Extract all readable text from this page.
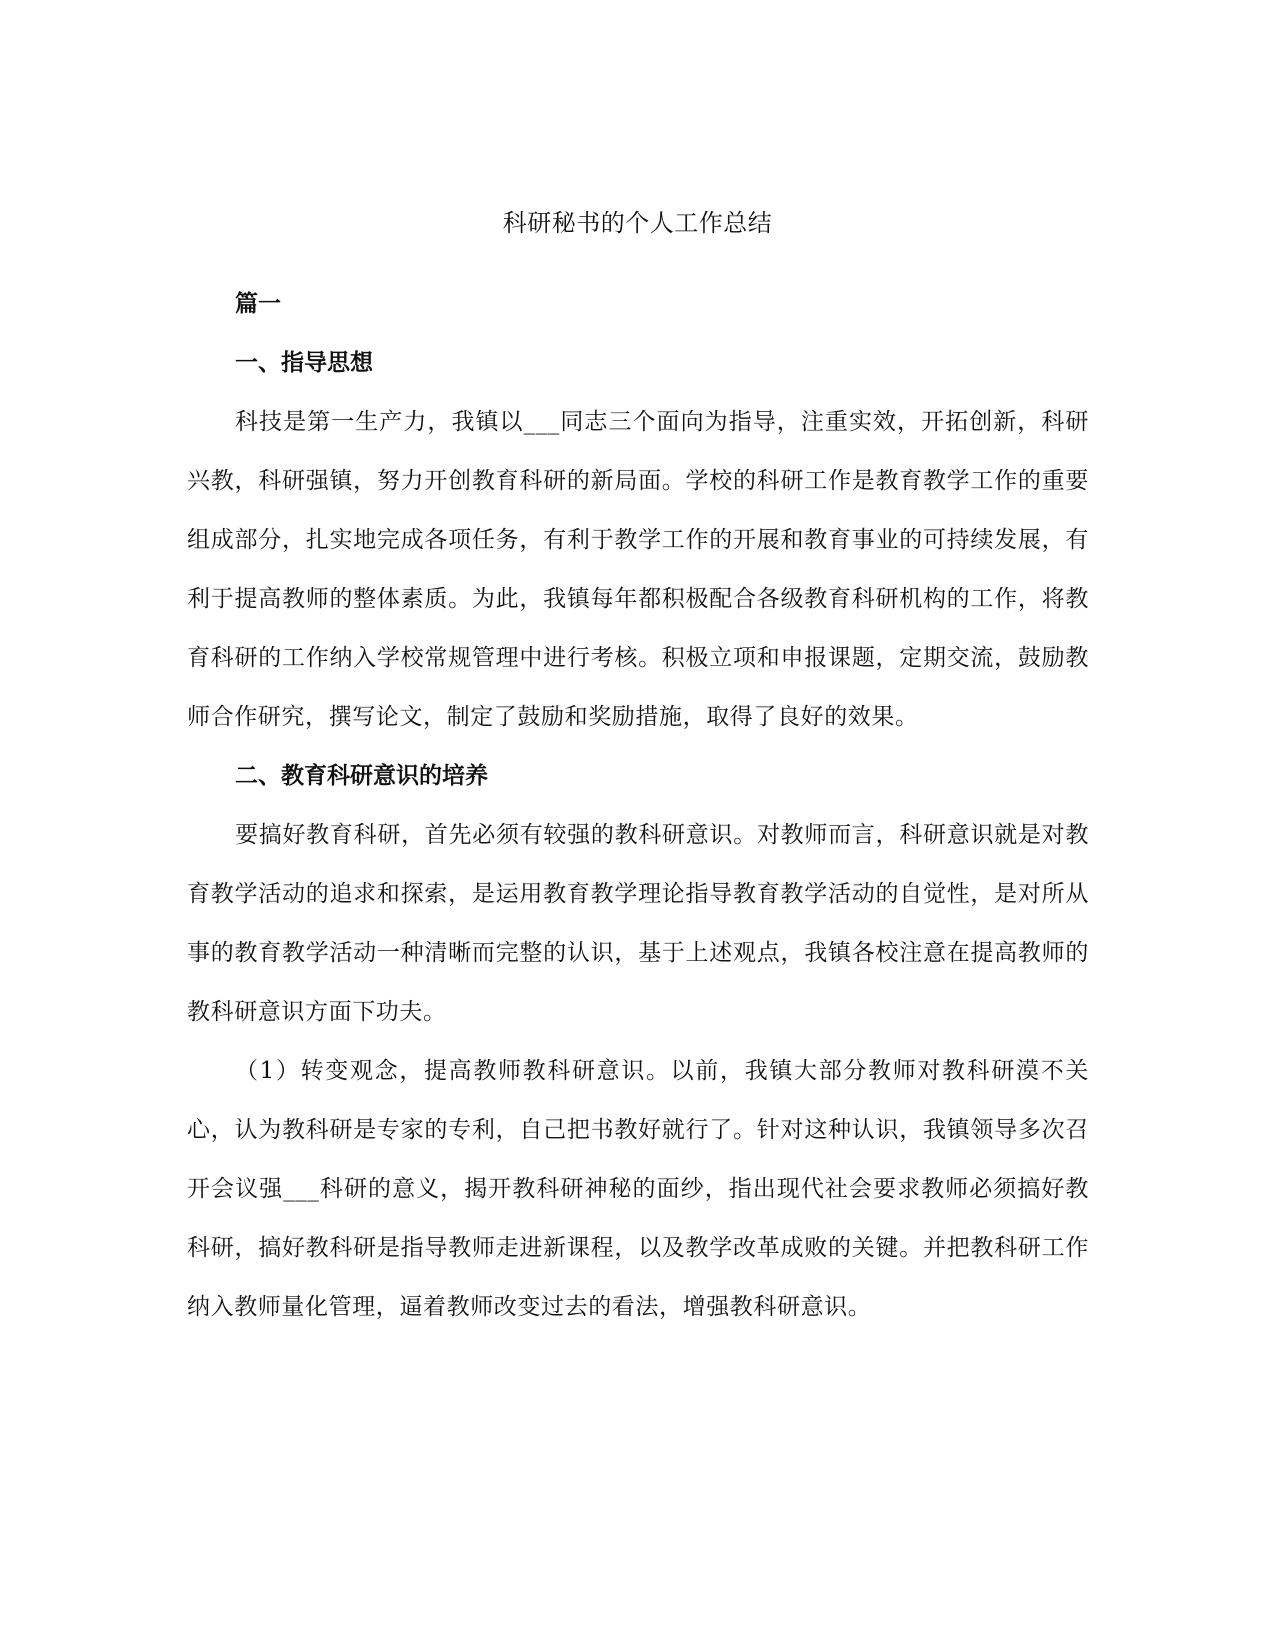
科研秘书的个人工作总结

篇一

一、指导思想

科技是第一生产力，我镇以___同志三个面向为指导，注重实效，开拓创新，科研兴教，科研强镇，努力开创教育科研的新局面。学校的科研工作是教育教学工作的重要组成部分，扎实地完成各项任务，有利于教学工作的开展和教育事业的可持续发展，有利于提高教师的整体素质。为此，我镇每年都积极配合各级教育科研机构的工作，将教育科研的工作纳入学校常规管理中进行考核。积极立项和申报课题，定期交流，鼓励教师合作研究，撰写论文，制定了鼓励和奖励措施，取得了良好的效果。

二、教育科研意识的培养

要搞好教育科研，首先必须有较强的教科研意识。对教师而言，科研意识就是对教育教学活动的追求和探索，是运用教育教学理论指导教育教学活动的自觉性，是对所从事的教育教学活动一种清晰而完整的认识，基于上述观点，我镇各校注意在提高教师的教科研意识方面下功夫。

（1）转变观念，提高教师教科研意识。以前，我镇大部分教师对教科研漠不关心，认为教科研是专家的专利，自己把书教好就行了。针对这种认识，我镇领导多次召开会议强___科研的意义，揭开教科研神秘的面纱，指出现代社会要求教师必须搞好教科研，搞好教科研是指导教师走进新课程，以及教学改革成败的关键。并把教科研工作纳入教师量化管理，逼着教师改变过去的看法，增强教科研意识。
